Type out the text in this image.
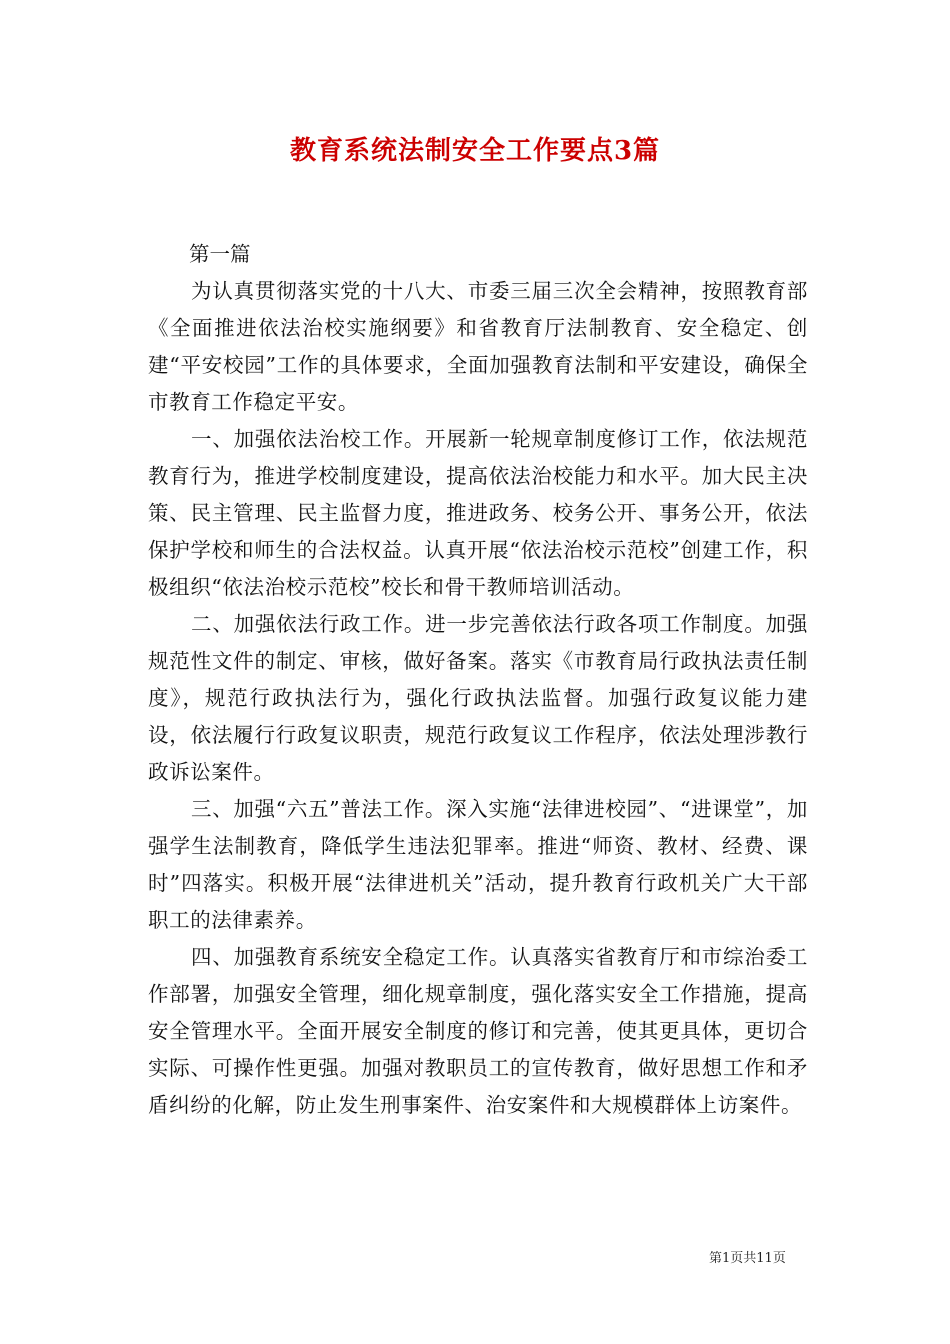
教育系统法制安全工作要点3篇

第一篇

为认真贯彻落实党的十八大、市委三届三次全会精神，按照教育部《全面推进依法治校实施纲要》和省教育厅法制教育、安全稳定、创建“平安校园”工作的具体要求，全面加强教育法制和平安建设，确保全市教育工作稳定平安。

一、加强依法治校工作。开展新一轮规章制度修订工作，依法规范教育行为，推进学校制度建设，提高依法治校能力和水平。加大民主决策、民主管理、民主监督力度，推进政务、校务公开、事务公开，依法保护学校和师生的合法权益。认真开展“依法治校示范校”创建工作，积极组织“依法治校示范校”校长和骨干教师培训活动。

二、加强依法行政工作。进一步完善依法行政各项工作制度。加强规范性文件的制定、审核，做好备案。落实《市教育局行政执法责任制度》，规范行政执法行为，强化行政执法监督。加强行政复议能力建设，依法履行行政复议职责，规范行政复议工作程序，依法处理涉教行政诉讼案件。

三、加强“六五”普法工作。深入实施“法律进校园”、“进课堂”，加强学生法制教育，降低学生违法犯罪率。推进“师资、教材、经费、课时”四落实。积极开展“法律进机关”活动，提升教育行政机关广大干部职工的法律素养。

四、加强教育系统安全稳定工作。认真落实省教育厅和市综治委工作部署，加强安全管理，细化规章制度，强化落实安全工作措施，提高安全管理水平。全面开展安全制度的修订和完善，使其更具体，更切合实际、可操作性更强。加强对教职员工的宣传教育，做好思想工作和矛盾纠纷的化解，防止发生刑事案件、治安案件和大规模群体上访案件。

第1页共11页
